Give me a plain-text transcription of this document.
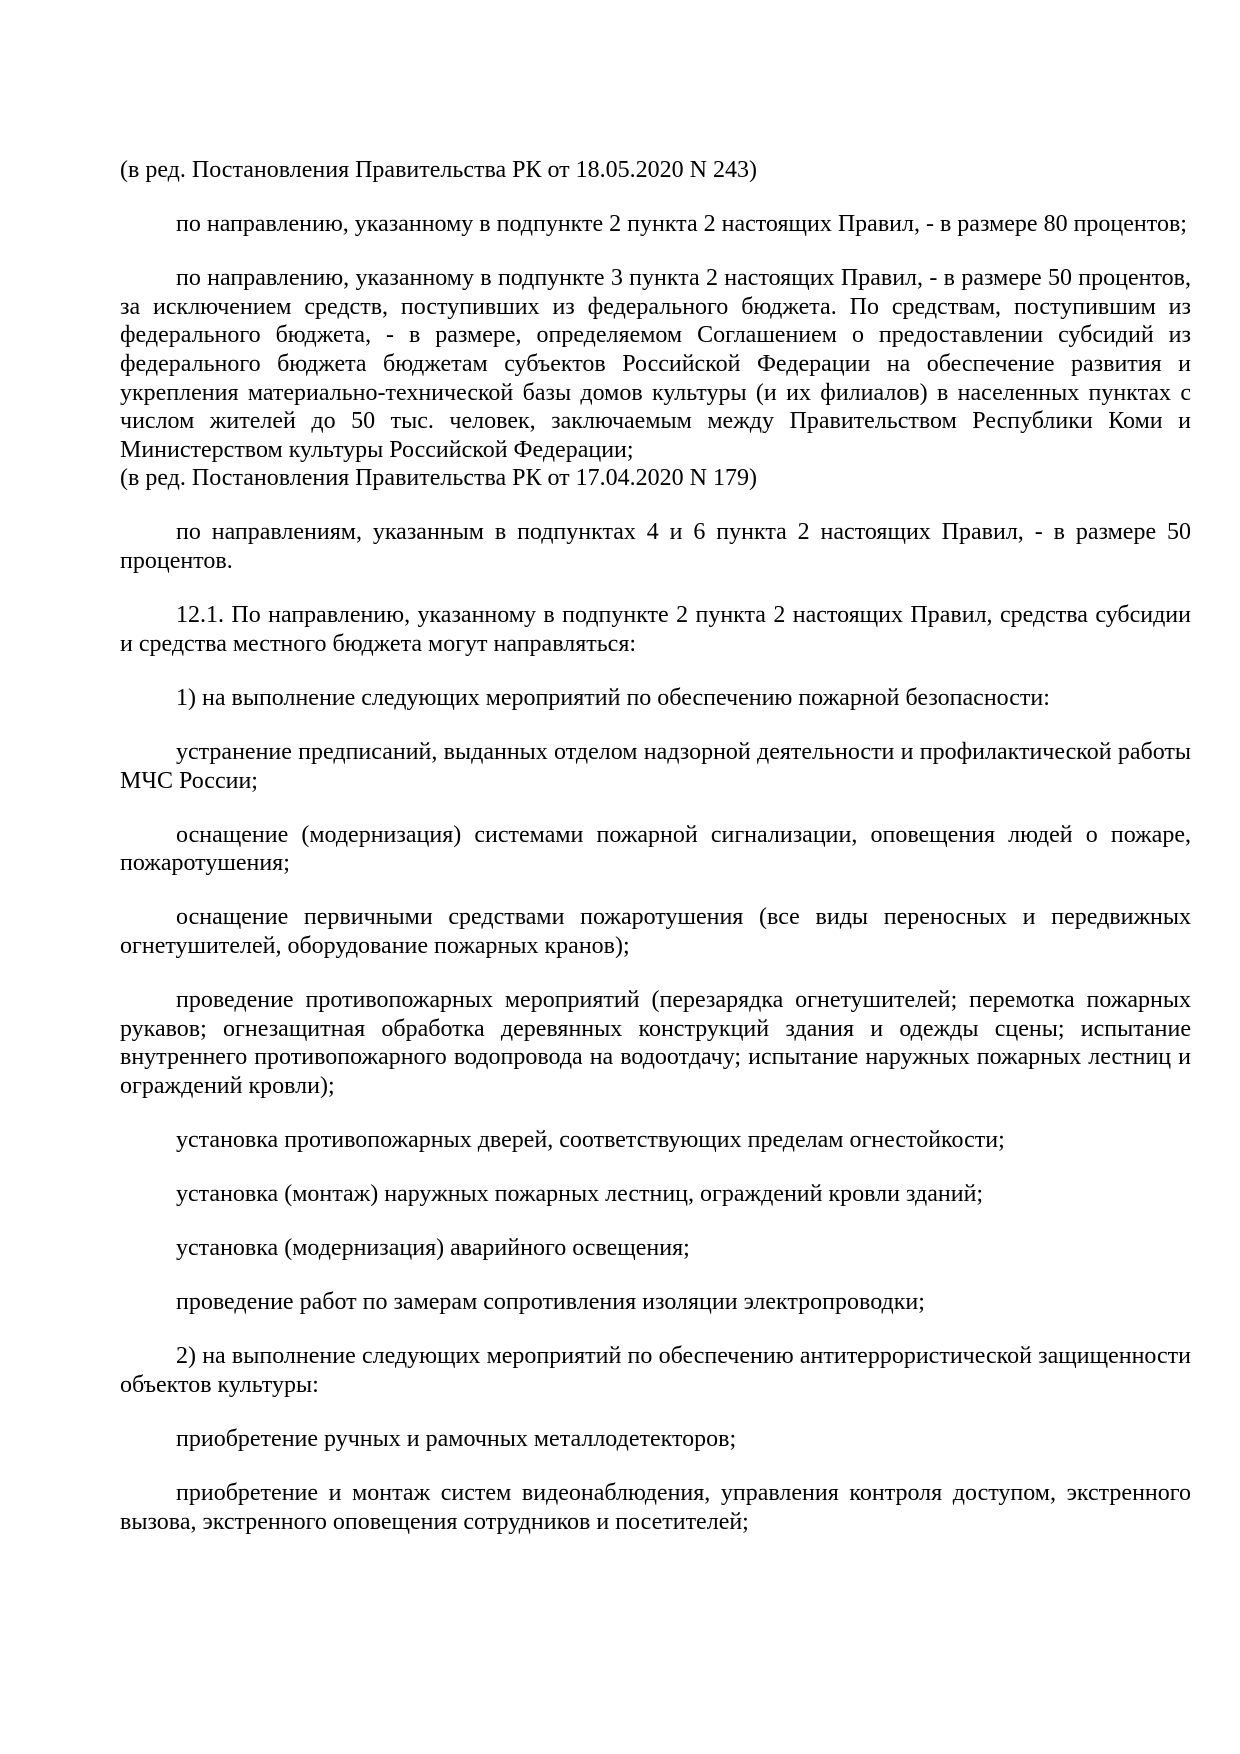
(в ред. Постановления Правительства РК от 18.05.2020 N 243)

по направлению, указанному в подпункте 2 пункта 2 настоящих Правил, - в размере 80 процентов;

по направлению, указанному в подпункте 3 пункта 2 настоящих Правил, - в размере 50 процентов, за исключением средств, поступивших из федерального бюджета. По средствам, поступившим из федерального бюджета, - в размере, определяемом Соглашением о предоставлении субсидий из федерального бюджета бюджетам субъектов Российской Федерации на обеспечение развития и укрепления материально-технической базы домов культуры (и их филиалов) в населенных пунктах с числом жителей до 50 тыс. человек, заключаемым между Правительством Республики Коми и Министерством культуры Российской Федерации;

(в ред. Постановления Правительства РК от 17.04.2020 N 179)

по направлениям, указанным в подпунктах 4 и 6 пункта 2 настоящих Правил, - в размере 50 процентов.

12.1. По направлению, указанному в подпункте 2 пункта 2 настоящих Правил, средства субсидии и средства местного бюджета могут направляться:

1) на выполнение следующих мероприятий по обеспечению пожарной безопасности:

устранение предписаний, выданных отделом надзорной деятельности и профилактической работы МЧС России;

оснащение (модернизация) системами пожарной сигнализации, оповещения людей о пожаре, пожаротушения;

оснащение первичными средствами пожаротушения (все виды переносных и передвижных огнетушителей, оборудование пожарных кранов);

проведение противопожарных мероприятий (перезарядка огнетушителей; перемотка пожарных рукавов; огнезащитная обработка деревянных конструкций здания и одежды сцены; испытание внутреннего противопожарного водопровода на водоотдачу; испытание наружных пожарных лестниц и ограждений кровли);

установка противопожарных дверей, соответствующих пределам огнестойкости;

установка (монтаж) наружных пожарных лестниц, ограждений кровли зданий;

установка (модернизация) аварийного освещения;

проведение работ по замерам сопротивления изоляции электропроводки;

2) на выполнение следующих мероприятий по обеспечению антитеррористической защищенности объектов культуры:

приобретение ручных и рамочных металлодетекторов;

приобретение и монтаж систем видеонаблюдения, управления контроля доступом, экстренного вызова, экстренного оповещения сотрудников и посетителей;
